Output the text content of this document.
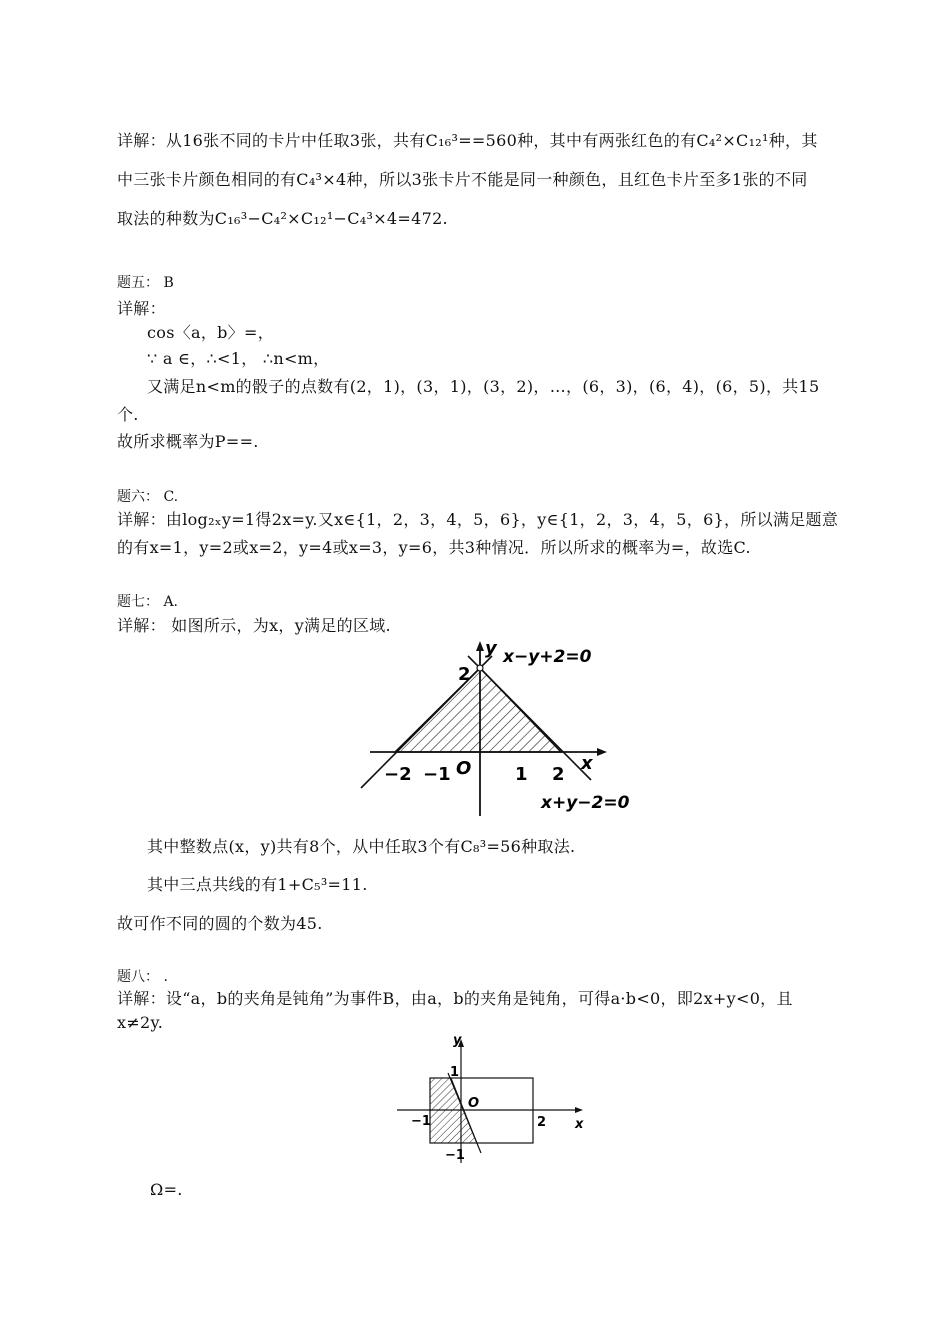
详解：从16张不同的卡片中任取3张，共有C₁₆³==560种，其中有两张红色的有C₄²×C₁₂¹种，其
中三张卡片颜色相同的有C₄³×4种，所以3张卡片不能是同一种颜色，且红色卡片至多1张的不同
取法的种数为C₁₆³−C₄²×C₁₂¹−C₄³×4=472.
题五： B
详解：
cos〈a，b〉=，
∵ a ∈，∴<1， ∴n<m，
又满足n<m的骰子的点数有(2，1)，(3，1)，(3，2)，…，(6，3)，(6，4)，(6，5)，共15
个.
故所求概率为P==.
题六： C.
详解：由log₂ₓy=1得2x=y.又x∈{1，2，3，4，5，6}，y∈{1，2，3，4，5，6}，所以满足题意
的有x=1，y=2或x=2，y=4或x=3，y=6，共3种情况．所以所求的概率为=，故选C.
题七： A.
详解： 如图所示，为x，y满足的区域.
y
x
x−y+2=0
x+y−2=0
2
O
−2 −1	1 2
其中整数点(x，y)共有8个，从中任取3个有C₈³=56种取法.
其中三点共线的有1+C₅³=11.
故可作不同的圆的个数为45.
题八： .
详解：设“a，b的夹角是钝角”为事件B，由a，b的夹角是钝角，可得a·b<0，即2x+y<0，且
x≠2y.
y
x
1
−1
−1	2
O
Ω=.
